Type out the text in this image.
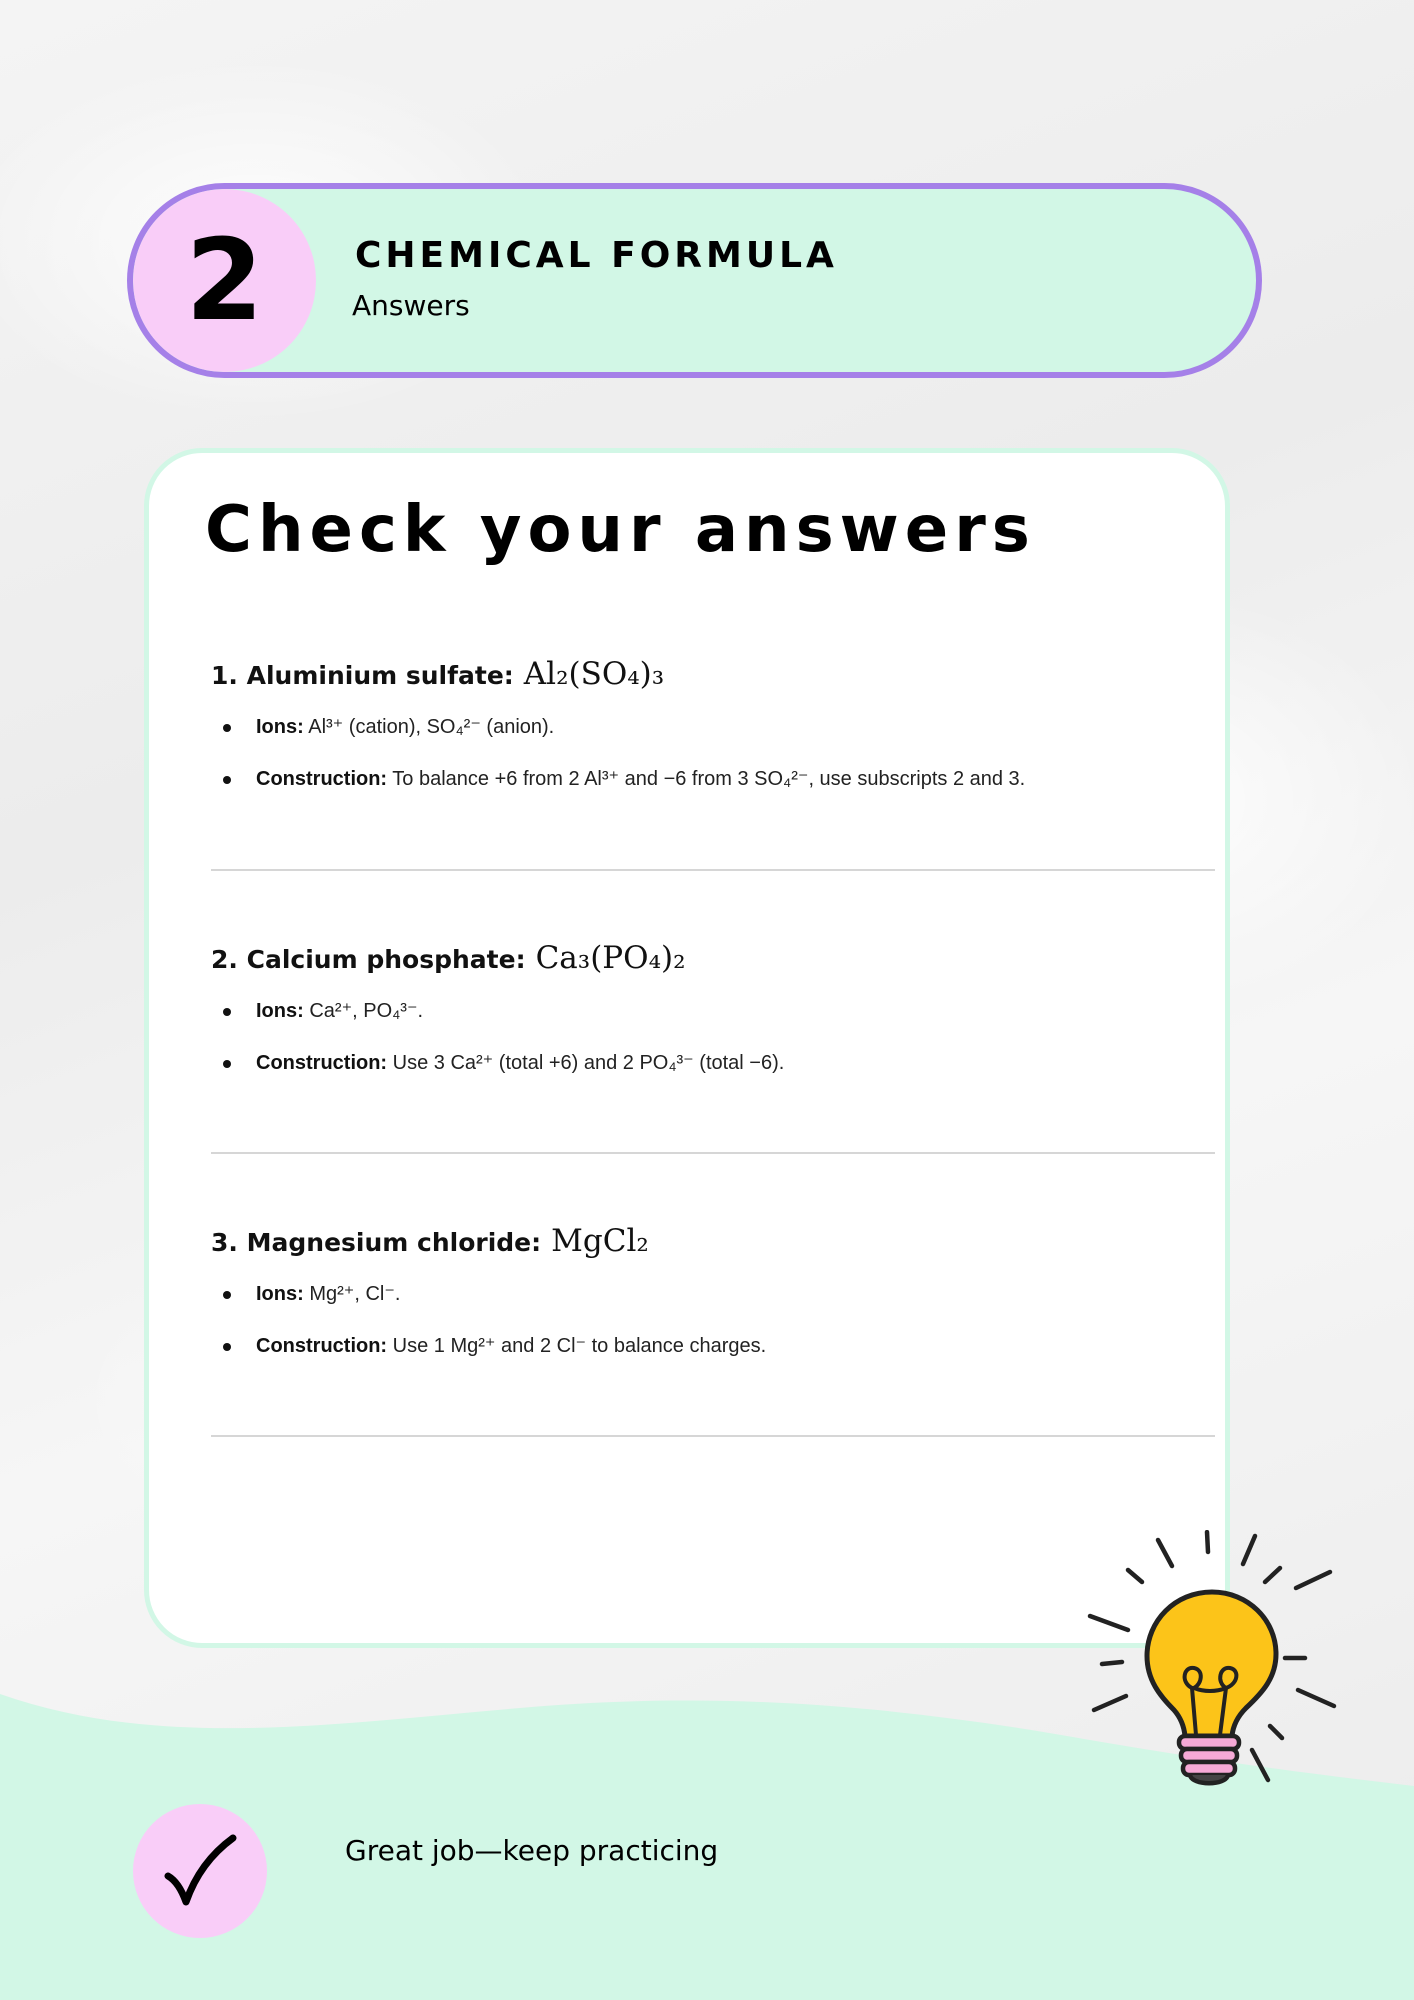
2	CHEMICAL FORMULA
Answers
Check your answers
1.
Aluminium sulfate: Al₂(SO₄)₃
Ions: Al³⁺ (cation), SO₄²⁻ (anion).
Construction: To balance +6 from 2 Al³⁺ and −6 from 3 SO₄²⁻, use subscripts 2 and 3.
2.
Calcium phosphate: Ca₃(PO₄)₂
Ions: Ca²⁺, PO₄³⁻.
Construction: Use 3 Ca²⁺ (total +6) and 2 PO₄³⁻ (total −6).
3.
Magnesium chloride: MgCl₂
Ions: Mg²⁺, Cl⁻.
Construction: Use 1 Mg²⁺ and 2 Cl⁻ to balance charges.
Great job—keep practicing
